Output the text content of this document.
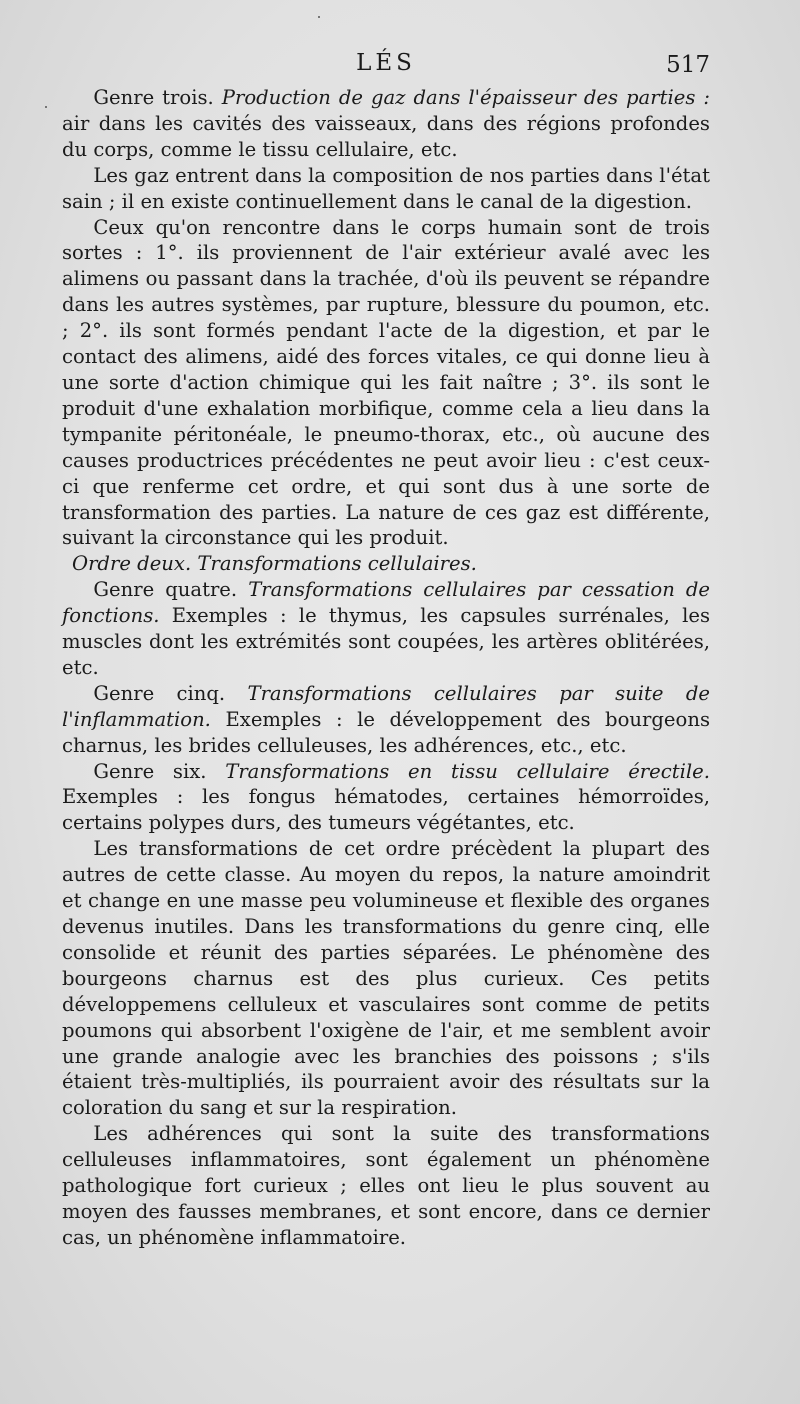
LÉS	517

Genre trois. Production de gaz dans l'épaisseur des parties : air dans les cavités des vaisseaux, dans des régions profondes du corps, comme le tissu cellulaire, etc.

Les gaz entrent dans la composition de nos parties dans l'état sain ; il en existe continuellement dans le canal de la digestion.

Ceux qu'on rencontre dans le corps humain sont de trois sortes : 1°. ils proviennent de l'air extérieur avalé avec les alimens ou passant dans la trachée, d'où ils peuvent se répandre dans les autres systèmes, par rupture, blessure du poumon, etc. ; 2°. ils sont formés pendant l'acte de la digestion, et par le contact des alimens, aidé des forces vitales, ce qui donne lieu à une sorte d'action chimique qui les fait naître ; 3°. ils sont le produit d'une exhalation morbifique, comme cela a lieu dans la tympanite péritonéale, le pneumo-thorax, etc., où aucune des causes productrices précédentes ne peut avoir lieu : c'est ceux-ci que renferme cet ordre, et qui sont dus à une sorte de transformation des parties. La nature de ces gaz est différente, suivant la circonstance qui les produit.

Ordre deux. Transformations cellulaires.

Genre quatre. Transformations cellulaires par cessation de fonctions. Exemples : le thymus, les capsules surrénales, les muscles dont les extrémités sont coupées, les artères oblitérées, etc.

Genre cinq. Transformations cellulaires par suite de l'inflammation. Exemples : le développement des bourgeons charnus, les brides celluleuses, les adhérences, etc., etc.

Genre six. Transformations en tissu cellulaire érectile. Exemples : les fongus hématodes, certaines hémorroïdes, certains polypes durs, des tumeurs végétantes, etc.

Les transformations de cet ordre précèdent la plupart des autres de cette classe. Au moyen du repos, la nature amoindrit et change en une masse peu volumineuse et flexible des organes devenus inutiles. Dans les transformations du genre cinq, elle consolide et réunit des parties séparées. Le phénomène des bourgeons charnus est des plus curieux. Ces petits développemens celluleux et vasculaires sont comme de petits poumons qui absorbent l'oxigène de l'air, et me semblent avoir une grande analogie avec les branchies des poissons ; s'ils étaient très-multipliés, ils pourraient avoir des résultats sur la coloration du sang et sur la respiration.

Les adhérences qui sont la suite des transformations celluleuses inflammatoires, sont également un phénomène pathologique fort curieux ; elles ont lieu le plus souvent au moyen des fausses membranes, et sont encore, dans ce dernier cas, un phénomène inflammatoire.
